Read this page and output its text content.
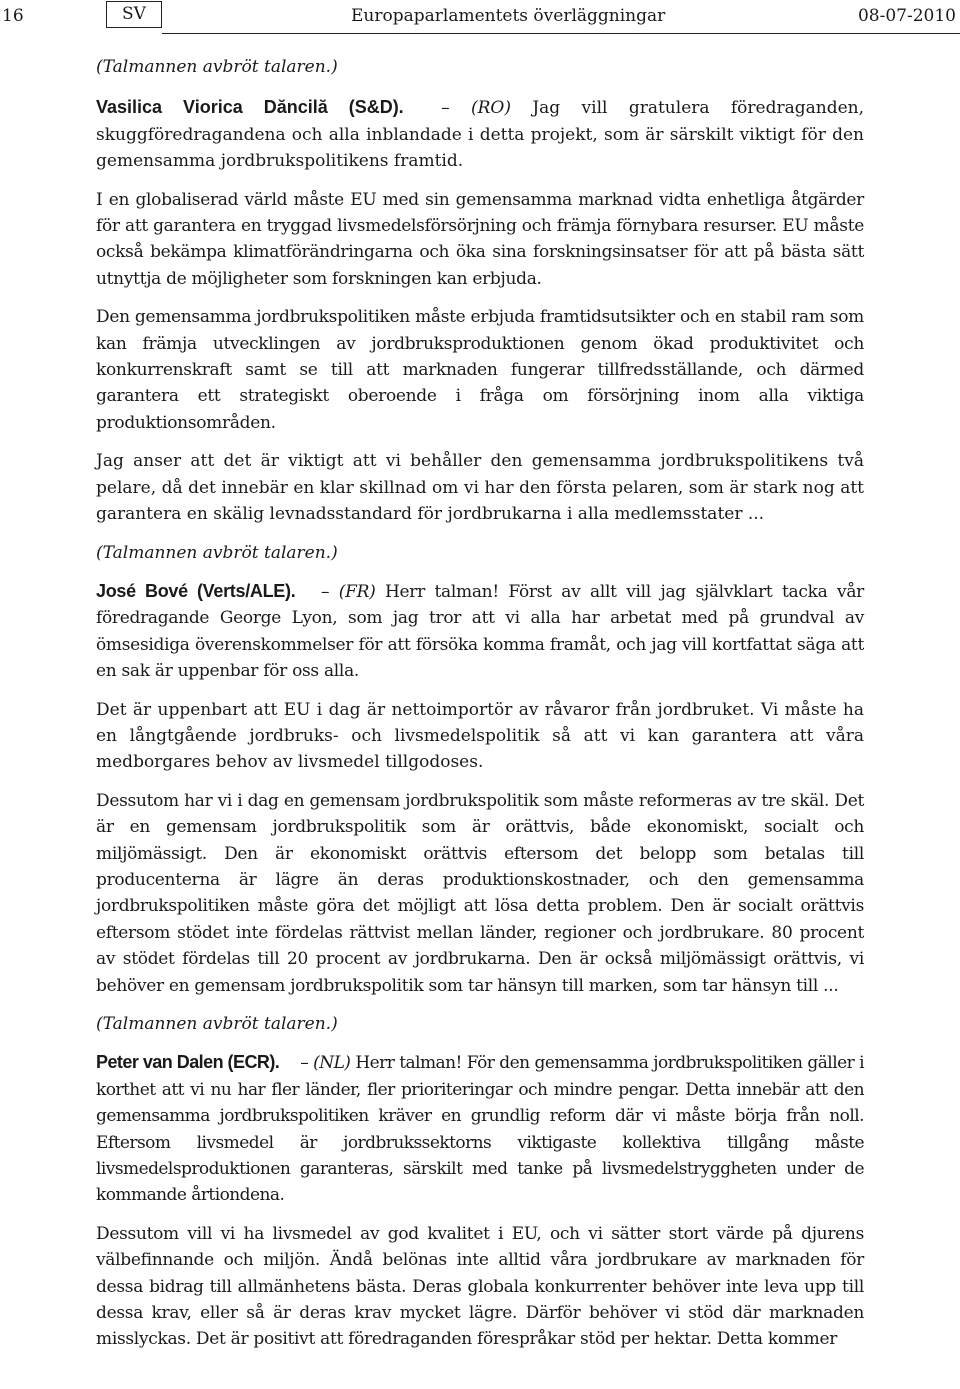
16	SV	Europaparlamentets överläggningar	08-07-2010

(Talmannen avbröt talaren.)

Vasilica Viorica Dăncilă (S&D). – (RO) Jag vill gratulera föredraganden, skuggföredragandena och alla inblandade i detta projekt, som är särskilt viktigt för den gemensamma jordbrukspolitikens framtid.

I en globaliserad värld måste EU med sin gemensamma marknad vidta enhetliga åtgärder för att garantera en tryggad livsmedelsförsörjning och främja förnybara resurser. EU måste också bekämpa klimatförändringarna och öka sina forskningsinsatser för att på bästa sätt utnyttja de möjligheter som forskningen kan erbjuda.

Den gemensamma jordbrukspolitiken måste erbjuda framtidsutsikter och en stabil ram som kan främja utvecklingen av jordbruksproduktionen genom ökad produktivitet och konkurrenskraft samt se till att marknaden fungerar tillfredsställande, och därmed garantera ett strategiskt oberoende i fråga om försörjning inom alla viktiga produktionsområden.

Jag anser att det är viktigt att vi behåller den gemensamma jordbrukspolitikens två pelare, då det innebär en klar skillnad om vi har den första pelaren, som är stark nog att garantera en skälig levnadsstandard för jordbrukarna i alla medlemsstater ...

(Talmannen avbröt talaren.)

José Bové (Verts/ALE). – (FR) Herr talman! Först av allt vill jag självklart tacka vår föredragande George Lyon, som jag tror att vi alla har arbetat med på grundval av ömsesidiga överenskommelser för att försöka komma framåt, och jag vill kortfattat säga att en sak är uppenbar för oss alla.

Det är uppenbart att EU i dag är nettoimportör av råvaror från jordbruket. Vi måste ha en långtgående jordbruks- och livsmedelspolitik så att vi kan garantera att våra medborgares behov av livsmedel tillgodoses.

Dessutom har vi i dag en gemensam jordbrukspolitik som måste reformeras av tre skäl. Det är en gemensam jordbrukspolitik som är orättvis, både ekonomiskt, socialt och miljömässigt. Den är ekonomiskt orättvis eftersom det belopp som betalas till producenterna är lägre än deras produktionskostnader, och den gemensamma jordbrukspolitiken måste göra det möjligt att lösa detta problem. Den är socialt orättvis eftersom stödet inte fördelas rättvist mellan länder, regioner och jordbrukare. 80 procent av stödet fördelas till 20 procent av jordbrukarna. Den är också miljömässigt orättvis, vi behöver en gemensam jordbrukspolitik som tar hänsyn till marken, som tar hänsyn till ...

(Talmannen avbröt talaren.)

Peter van Dalen (ECR). – (NL) Herr talman! För den gemensamma jordbrukspolitiken gäller i korthet att vi nu har fler länder, fler prioriteringar och mindre pengar. Detta innebär att den gemensamma jordbrukspolitiken kräver en grundlig reform där vi måste börja från noll. Eftersom livsmedel är jordbrukssektorns viktigaste kollektiva tillgång måste livsmedelsproduktionen garanteras, särskilt med tanke på livsmedelstryggheten under de kommande årtiondena.

Dessutom vill vi ha livsmedel av god kvalitet i EU, och vi sätter stort värde på djurens välbefinnande och miljön. Ändå belönas inte alltid våra jordbrukare av marknaden för dessa bidrag till allmänhetens bästa. Deras globala konkurrenter behöver inte leva upp till dessa krav, eller så är deras krav mycket lägre. Därför behöver vi stöd där marknaden misslyckas. Det är positivt att föredraganden förespråkar stöd per hektar. Detta kommer
